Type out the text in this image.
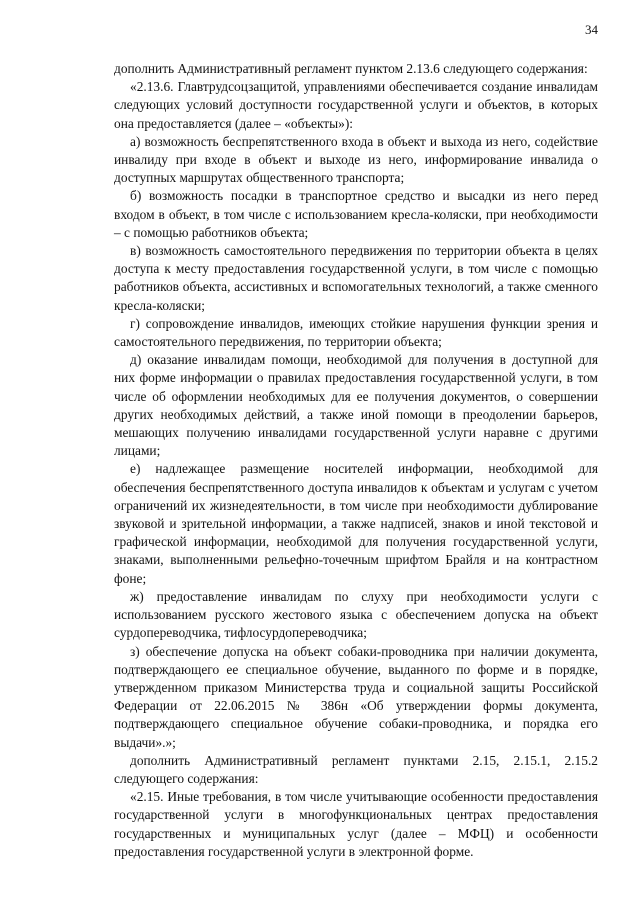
34

дополнить Административный регламент пунктом 2.13.6 следующего содержания:

«2.13.6. Главтрудсоцзащитой, управлениями обеспечивается создание инвалидам следующих условий доступности государственной услуги и объектов, в которых она предоставляется (далее – «объекты»):

а) возможность беспрепятственного входа в объект и выхода из него, содействие инвалиду при входе в объект и выходе из него, информирование инвалида о доступных маршрутах общественного транспорта;

б) возможность посадки в транспортное средство и высадки из него перед входом в объект, в том числе с использованием кресла-коляски, при необходимости – с помощью работников объекта;

в) возможность самостоятельного передвижения по территории объекта в целях доступа к месту предоставления государственной услуги, в том числе с помощью работников объекта, ассистивных и вспомогательных технологий, а также сменного кресла-коляски;

г) сопровождение инвалидов, имеющих стойкие нарушения функции зрения и самостоятельного передвижения, по территории объекта;

д) оказание инвалидам помощи, необходимой для получения в доступной для них форме информации о правилах предоставления государственной услуги, в том числе об оформлении необходимых для ее получения документов, о совершении других необходимых действий, а также иной помощи в преодолении барьеров, мешающих получению инвалидами государственной услуги наравне с другими лицами;

е) надлежащее размещение носителей информации, необходимой для обеспечения беспрепятственного доступа инвалидов к объектам и услугам с учетом ограничений их жизнедеятельности, в том числе при необходимости дублирование звуковой и зрительной информации, а также надписей, знаков и иной текстовой и графической информации, необходимой для получения государственной услуги, знаками, выполненными рельефно-точечным шрифтом Брайля и на контрастном фоне;

ж) предоставление инвалидам по слуху при необходимости услуги с использованием русского жестового языка с обеспечением допуска на объект сурдопереводчика, тифлосурдопереводчика;

з) обеспечение допуска на объект собаки-проводника при наличии документа, подтверждающего ее специальное обучение, выданного по форме и в порядке, утвержденном приказом Министерства труда и социальной защиты Российской Федерации от 22.06.2015 № 386н «Об утверждении формы документа, подтверждающего специальное обучение собаки-проводника, и порядка его выдачи».»;

дополнить Административный регламент пунктами 2.15, 2.15.1, 2.15.2 следующего содержания:

«2.15. Иные требования, в том числе учитывающие особенности предоставления государственной услуги в многофункциональных центрах предоставления государственных и муниципальных услуг (далее – МФЦ) и особенности предоставления государственной услуги в электронной форме.
